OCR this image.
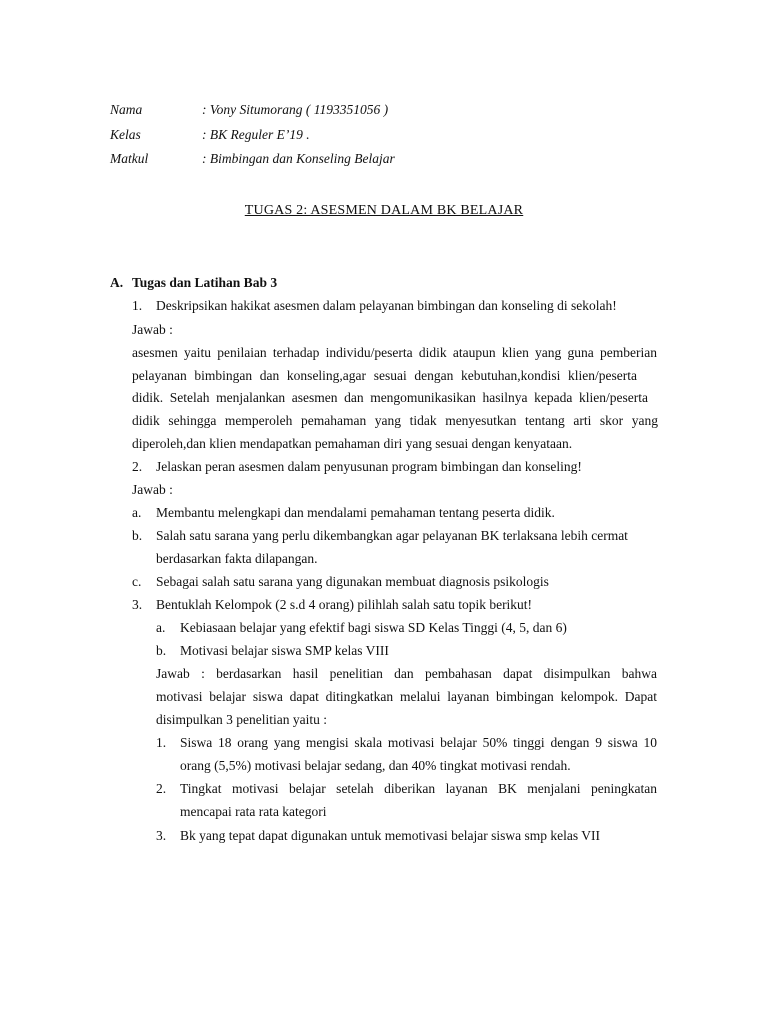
Nama	: Vony Situmorang ( 1193351056 )
Kelas	: BK Reguler E’19 .
Matkul	: Bimbingan dan Konseling Belajar
TUGAS 2: ASESMEN DALAM BK BELAJAR
A. Tugas dan Latihan Bab 3
1. Deskripsikan hakikat asesmen dalam pelayanan bimbingan dan konseling di sekolah!
Jawab :
asesmen yaitu penilaian terhadap individu/peserta didik ataupun klien yang guna pemberian
pelayanan bimbingan dan konseling,agar sesuai dengan kebutuhan,kondisi klien/peserta
didik. Setelah menjalankan asesmen dan mengomunikasikan hasilnya kepada klien/peserta
didik sehingga memperoleh pemahaman yang tidak menyesutkan tentang arti skor yang
diperoleh,dan klien mendapatkan pemahaman diri yang sesuai dengan kenyataan.
2. Jelaskan peran asesmen dalam penyusunan program bimbingan dan konseling!
Jawab :
a. Membantu melengkapi dan mendalami pemahaman tentang peserta didik.
b. Salah satu sarana yang perlu dikembangkan agar pelayanan BK terlaksana lebih cermat
berdasarkan fakta dilapangan.
c. Sebagai salah satu sarana yang digunakan membuat diagnosis psikologis
3. Bentuklah Kelompok (2 s.d 4 orang) pilihlah salah satu topik berikut!
a. Kebiasaan belajar yang efektif bagi siswa SD Kelas Tinggi (4, 5, dan 6)
b. Motivasi belajar siswa SMP kelas VIII
Jawab : berdasarkan hasil penelitian dan pembahasan dapat disimpulkan bahwa
motivasi belajar siswa dapat ditingkatkan melalui layanan bimbingan kelompok. Dapat
disimpulkan 3 penelitian yaitu :
1. Siswa 18 orang yang mengisi skala motivasi belajar 50% tinggi dengan 9 siswa 10
orang (5,5%) motivasi belajar sedang, dan 40% tingkat motivasi rendah.
2. Tingkat motivasi belajar setelah diberikan layanan BK menjalani peningkatan
mencapai rata rata kategori
3. Bk yang tepat dapat digunakan untuk memotivasi belajar siswa smp kelas VII
